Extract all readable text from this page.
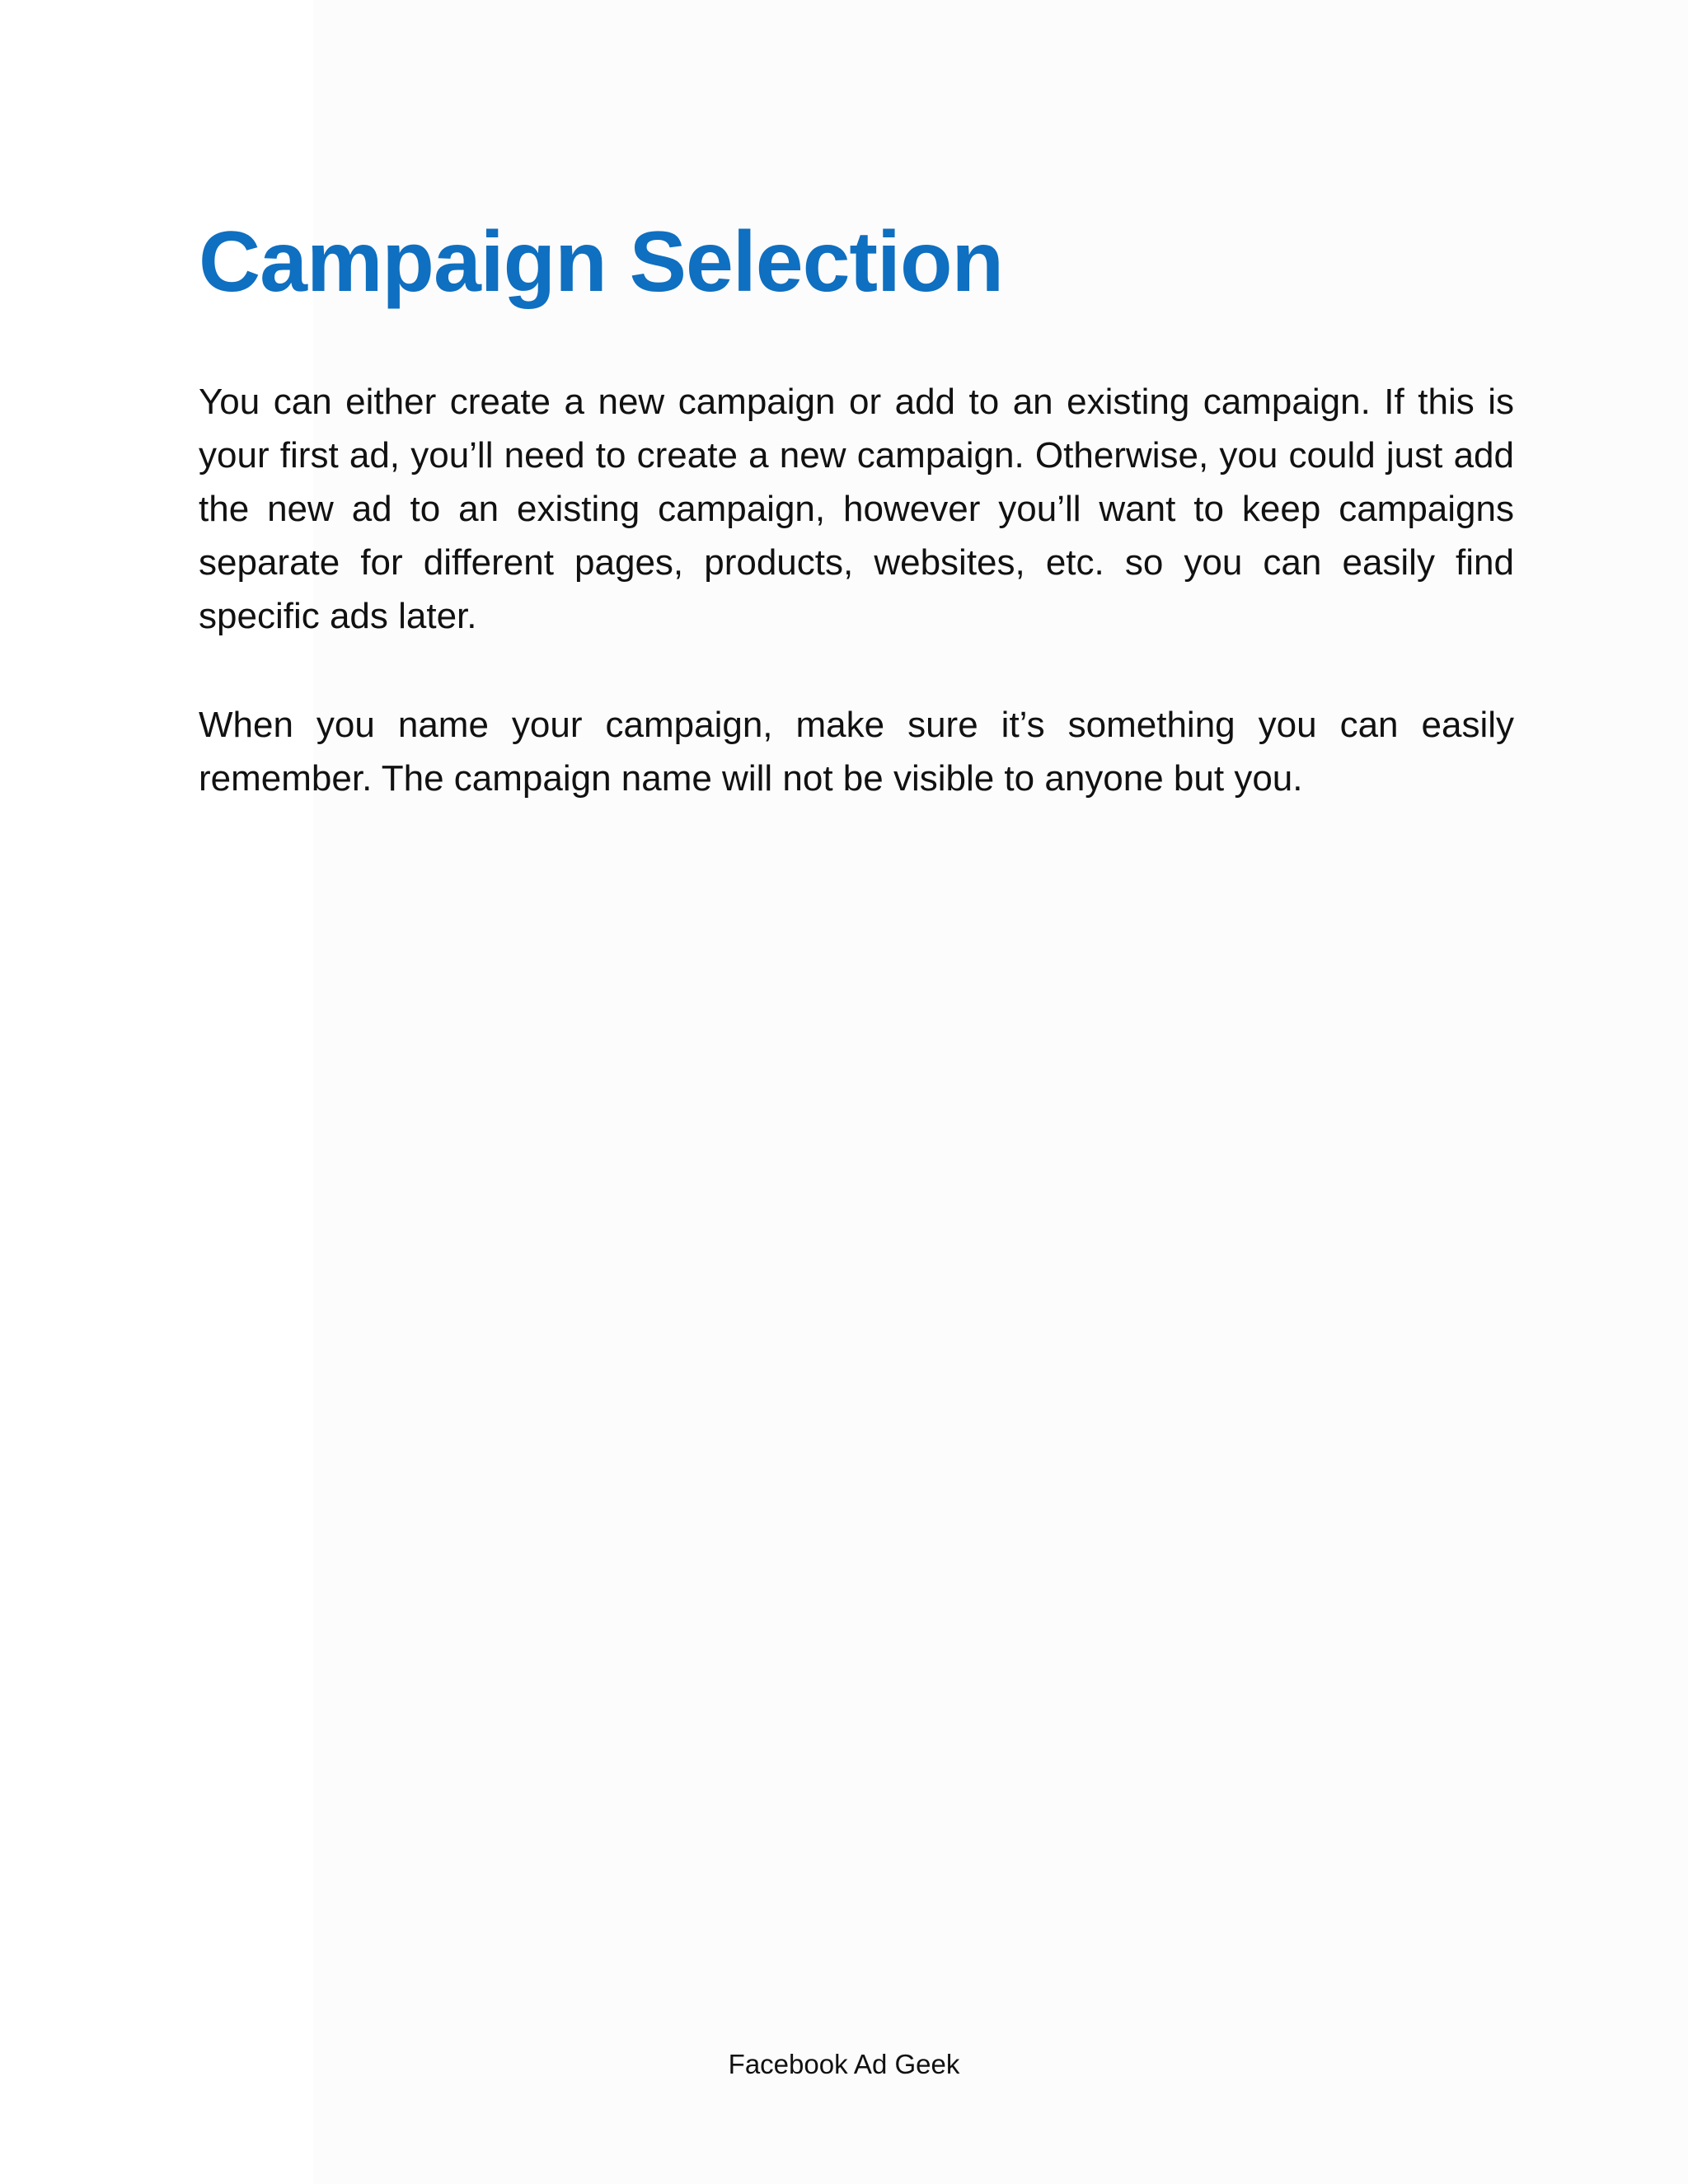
Campaign Selection

You can either create a new campaign or add to an existing campaign. If this is your first ad, you’ll need to create a new campaign. Otherwise, you could just add the new ad to an existing campaign, however you’ll want to keep campaigns separate for different pages, products, websites, etc. so you can easily find specific ads later.

When you name your campaign, make sure it’s something you can easily remember. The campaign name will not be visible to anyone but you.

Facebook Ad Geek
